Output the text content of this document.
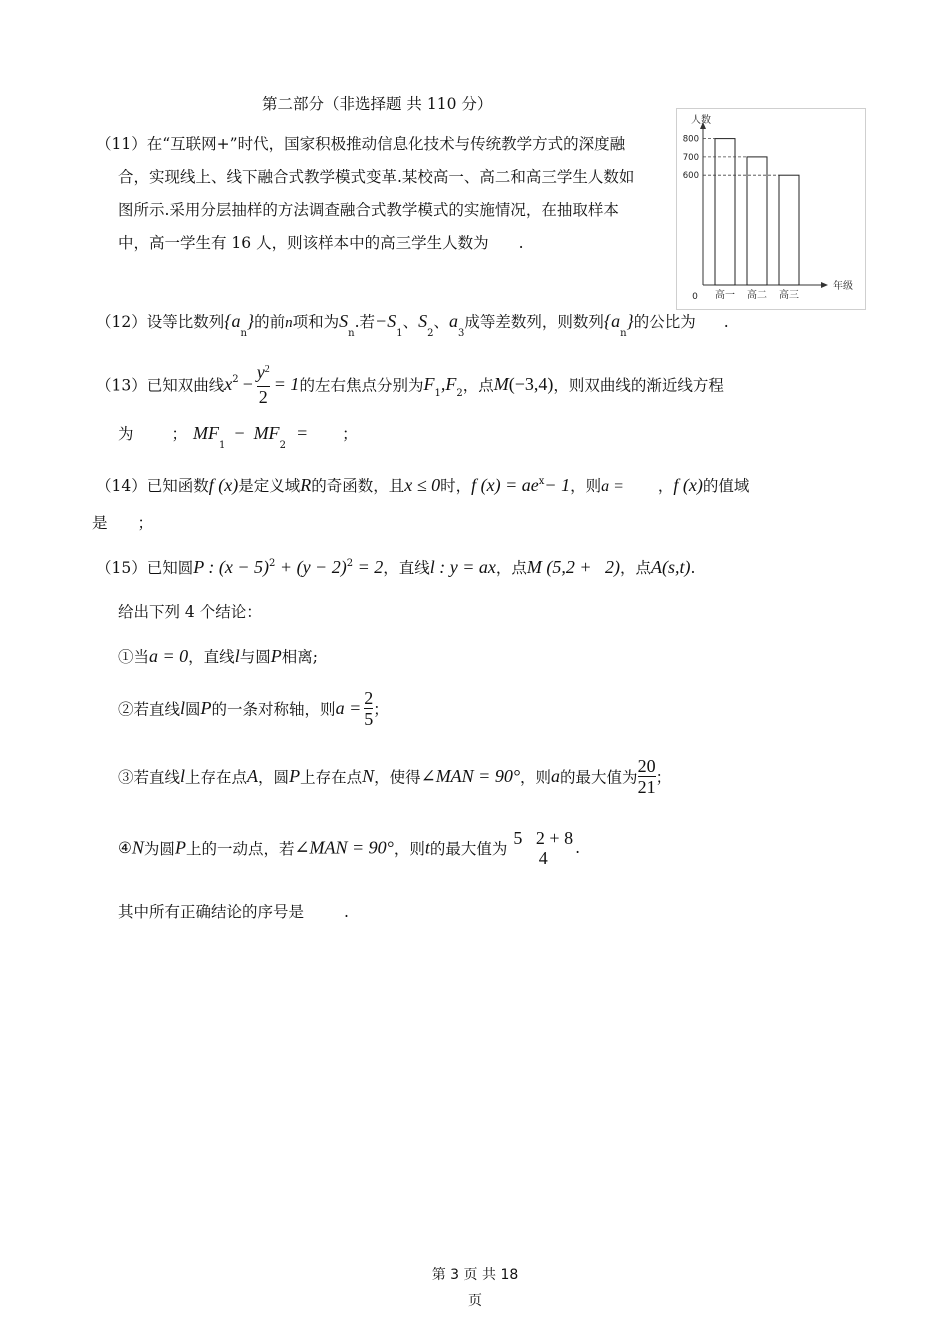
第二部分（非选择题 共 110 分）
（11）在“互联网+”时代，国家积极推动信息化技术与传统教学方式的深度融
合，实现线上、线下融合式教学模式变革.某校高一、高二和高三学生人数如
图所示.采用分层抽样的方法调查融合式教学模式的实施情况，在抽取样本
中，高一学生有 16 人，则该样本中的高三学生人数为 .
人数
年级
0
800
高一
700
高二
600
高三
（12）设等比数列$\{a_n\}$的前n项和为$S_n$.若$-S_1$、$S_2$、$a_3$成等差数列，则数列$\{a_n\}$的公比为 .
（13）已知双曲线$x^2 - \frac{y^2}{2} = 1$的左右焦点分别为$F_1,F_2$，点M(−3,4)，则双曲线的渐近线方程
为 ； $MF_1- MF_2=$ ；
（14）已知函数f (x)是定义域R的奇函数，且x ≤ 0时，f $(x) = ae^x- 1$，则a = ，f (x)的值域
是 ；
（15）已知圆P : $(x - 5)^2 + (y - 2)^2 = 2$，直线l : y = ax，点M (5,2 +   2)，点A(s,t).
给出下列 4 个结论：
①当a = 0，直线l与圆P相离;
②若直线l圆P的一条对称轴，则$a = \frac{2}{5}$ ；
③若直线l上存在点A，圆P上存在点N，使得∠MAN = 90°，则a的最大值为 $\frac{20}{21}$ ；
④N为圆P上的一动点，若∠MAN = 90°，则t的最大值为
5   2 + 8
4	.
其中所有正确结论的序号是	.
第 3 页 共 18
页
